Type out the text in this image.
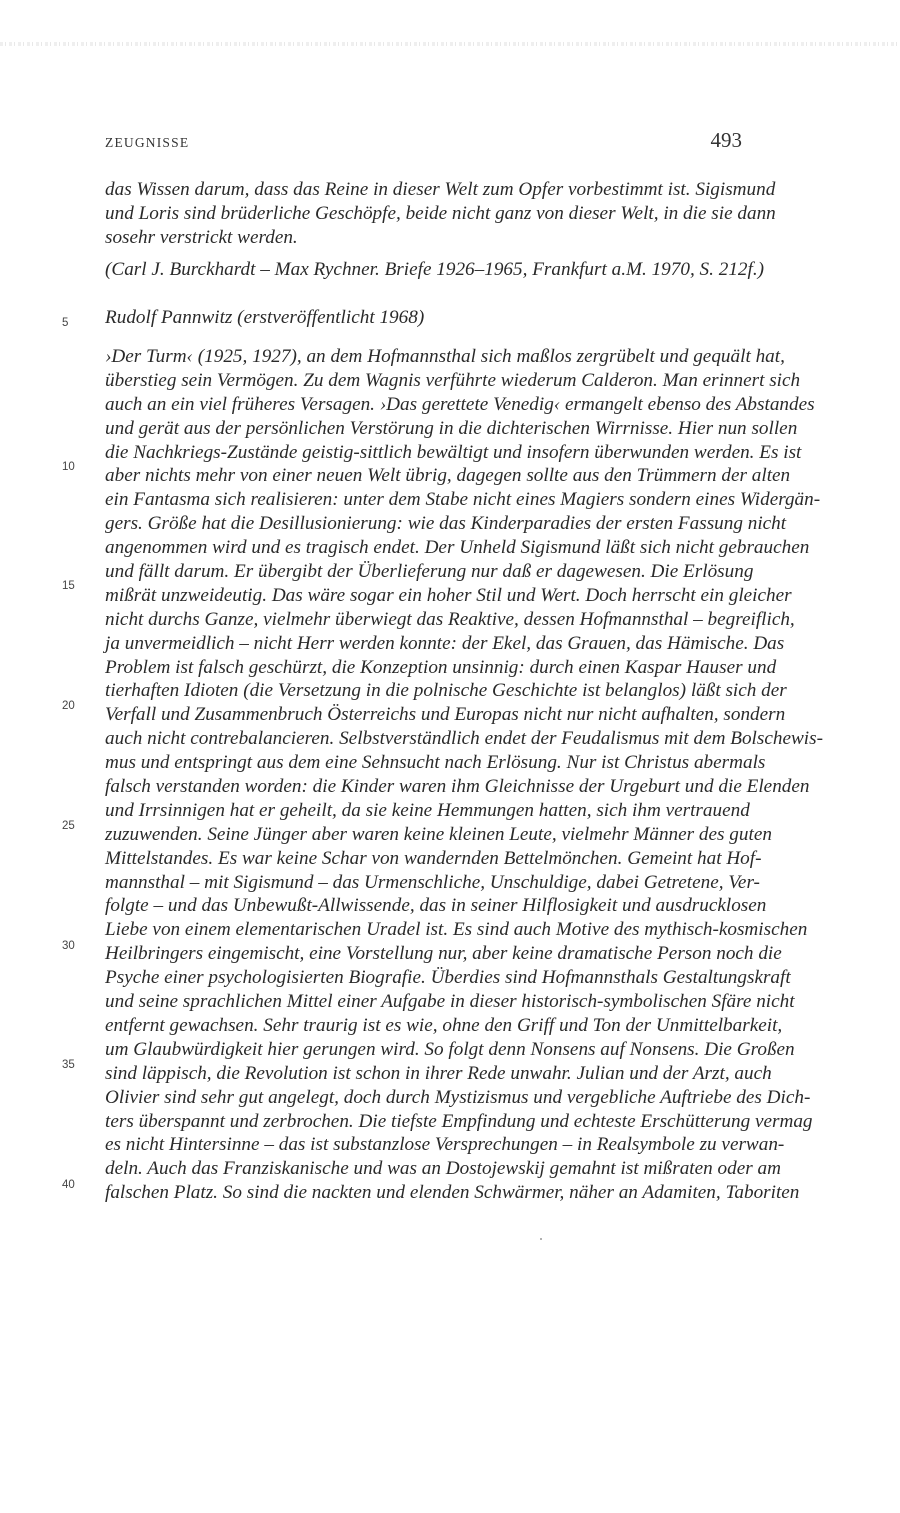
ZEUGNISSE	493
das Wissen darum, dass das Reine in dieser Welt zum Opfer vorbestimmt ist. Sigismund
und Loris sind brüderliche Geschöpfe, beide nicht ganz von dieser Welt, in die sie dann
sosehr verstrickt werden.
(Carl J. Burckhardt – Max Rychner. Briefe 1926–1965, Frankfurt a.M. 1970, S. 212f.)
Rudolf Pannwitz (erstveröffentlicht 1968)
5
10
15
20
25
30
35
40
›Der Turm‹ (1925, 1927), an dem Hofmannsthal sich maßlos zergrübelt und gequält hat,
überstieg sein Vermögen. Zu dem Wagnis verführte wiederum Calderon. Man erinnert sich
auch an ein viel früheres Versagen. ›Das gerettete Venedig‹ ermangelt ebenso des Abstandes
und gerät aus der persönlichen Verstörung in die dichterischen Wirrnisse. Hier nun sollen
die Nachkriegs-Zustände geistig-sittlich bewältigt und insofern überwunden werden. Es ist
aber nichts mehr von einer neuen Welt übrig, dagegen sollte aus den Trümmern der alten
ein Fantasma sich realisieren: unter dem Stabe nicht eines Magiers sondern eines Widergän-
gers. Größe hat die Desillusionierung: wie das Kinderparadies der ersten Fassung nicht
angenommen wird und es tragisch endet. Der Unheld Sigismund läßt sich nicht gebrauchen
und fällt darum. Er übergibt der Überlieferung nur daß er dagewesen. Die Erlösung
mißrät unzweideutig. Das wäre sogar ein hoher Stil und Wert. Doch herrscht ein gleicher
nicht durchs Ganze, vielmehr überwiegt das Reaktive, dessen Hofmannsthal – begreiflich,
ja unvermeidlich – nicht Herr werden konnte: der Ekel, das Grauen, das Hämische. Das
Problem ist falsch geschürzt, die Konzeption unsinnig: durch einen Kaspar Hauser und
tierhaften Idioten (die Versetzung in die polnische Geschichte ist belanglos) läßt sich der
Verfall und Zusammenbruch Österreichs und Europas nicht nur nicht aufhalten, sondern
auch nicht contrebalancieren. Selbstverständlich endet der Feudalismus mit dem Bolschewis-
mus und entspringt aus dem eine Sehnsucht nach Erlösung. Nur ist Christus abermals
falsch verstanden worden: die Kinder waren ihm Gleichnisse der Urgeburt und die Elenden
und Irrsinnigen hat er geheilt, da sie keine Hemmungen hatten, sich ihm vertrauend
zuzuwenden. Seine Jünger aber waren keine kleinen Leute, vielmehr Männer des guten
Mittelstandes. Es war keine Schar von wandernden Bettelmönchen. Gemeint hat Hof-
mannsthal – mit Sigismund – das Urmenschliche, Unschuldige, dabei Getretene, Ver-
folgte – und das Unbewußt-Allwissende, das in seiner Hilflosigkeit und ausdrucklosen
Liebe von einem elementarischen Uradel ist. Es sind auch Motive des mythisch-kosmischen
Heilbringers eingemischt, eine Vorstellung nur, aber keine dramatische Person noch die
Psyche einer psychologisierten Biografie. Überdies sind Hofmannsthals Gestaltungskraft
und seine sprachlichen Mittel einer Aufgabe in dieser historisch-symbolischen Sfäre nicht
entfernt gewachsen. Sehr traurig ist es wie, ohne den Griff und Ton der Unmittelbarkeit,
um Glaubwürdigkeit hier gerungen wird. So folgt denn Nonsens auf Nonsens. Die Großen
sind läppisch, die Revolution ist schon in ihrer Rede unwahr. Julian und der Arzt, auch
Olivier sind sehr gut angelegt, doch durch Mystizismus und vergebliche Auftriebe des Dich-
ters überspannt und zerbrochen. Die tiefste Empfindung und echteste Erschütterung vermag
es nicht Hintersinne – das ist substanzlose Versprechungen – in Realsymbole zu verwan-
deln. Auch das Franziskanische und was an Dostojewskij gemahnt ist mißraten oder am
falschen Platz. So sind die nackten und elenden Schwärmer, näher an Adamiten, Taboriten
